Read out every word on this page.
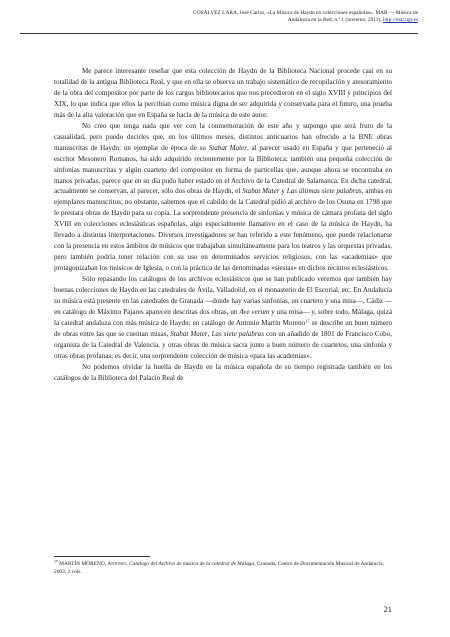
GOSÁLVEZ LARA, José Carlos, «La Música de Haydn en colecciones españolas», MAR — Música de
Andalucía en la Red, n.º 1 (invierno, 2011), http://mar.ugr.es

Me parece interesante reseñar que esta colección de Haydn de la Biblioteca Nacional procede casi en su totalidad de la antigua Biblioteca Real, y que en ella se observa un trabajo sistemático de recopilación y atesoramiento de la obra del compositor por parte de los cargos bibliotecarios que nos precedieron en el siglo XVIII y principios del XIX, lo que indica que ellos la percibían como música digna de ser adquirida y conservada para el futuro, una prueba más de la alta valoración que en España se hacía de la música de este autor.

No creo que tenga nada que ver con la conmemoración de este año y supongo que será fruto de la casualidad, pero puedo decirles que, en los últimos meses, distintos anticuarios han ofrecido a la BNE obras manuscritas de Haydn: un ejemplar de época de su Stabat Mater, al parecer usado en España y que perteneció al escritor Mesonero Romanos, ha sido adquirido recientemente por la Biblioteca; también una pequeña colección de sinfonías manuscritas y algún cuarteto del compositor en forma de particellas que, aunque ahora se encontraba en manos privadas, parece que en su día pudo haber estado en el Archivo de la Catedral de Salamanca. En dicha catedral, actualmente se conservan, al parecer, sólo dos obras de Haydn, el Stabat Mater y Las últimas siete palabras, ambas en ejemplares manuscritos; no obstante, sabemos que el cabildo de la Catedral pidió al archivo de los Osuna en 1798 que le prestara obras de Haydn para su copia. La sorprendente presencia de sinfonías y música de cámara profana del siglo XVIII en colecciones eclesiásticas españolas, algo especialmente llamativo en el caso de la música de Haydn, ha llevado a distintas interpretaciones. Diversos investigadores se han referido a este fenómeno, que puede relacionarse con la presencia en estos ámbitos de músicos que trabajaban simultáneamente para los teatros y las orquestas privadas, pero también podría tener relación con su uso en determinados servicios religiosos, con las «academias» que protagonizaban los músicos de Iglesia, o con la práctica de las denominadas «siestas» en dichos recintos eclesiásticos.

Sólo repasando los catálogos de los archivos eclesiásticos que se han publicado veremos que también hay buenas colecciones de Haydn en las catedrales de Ávila, Valladolid, en el monasterio de El Escorial, etc. En Andalucía su música está presente en las catedrales de Granada —donde hay varias sinfonías, un cuarteto y una misa—, Cádiz —en catálogo de Máximo Pajares aparecen descritas dos obras, un Ave verum y una misa— y, sobre todo, Málaga, quizá la catedral andaluza con más música de Haydn: en catálogo de Antonio Martín Moreno$^{17}$ se describe un buen número de obras entre las que se cuentan misas, Stabat Mater, Las siete palabras con un añadido de 1801 de Francisco Cobo, organista de la Catedral de Valencia, y otras obras de música sacra junto a buen número de cuartetos, una sinfonía y otras obras profanas; es decir, una sorprendente colección de música «para las academias».

No podemos olvidar la huella de Haydn en la música española de su tiempo registrada también en los catálogos de la Biblioteca del Palacio Real de

$^{17}$ MARTÍN MORENO, Antonio, Catálogo del Archivo de música de la catedral de Málaga, Granada, Centro de Documentación Musical de Andalucía, 2003, 2 vols.
21
